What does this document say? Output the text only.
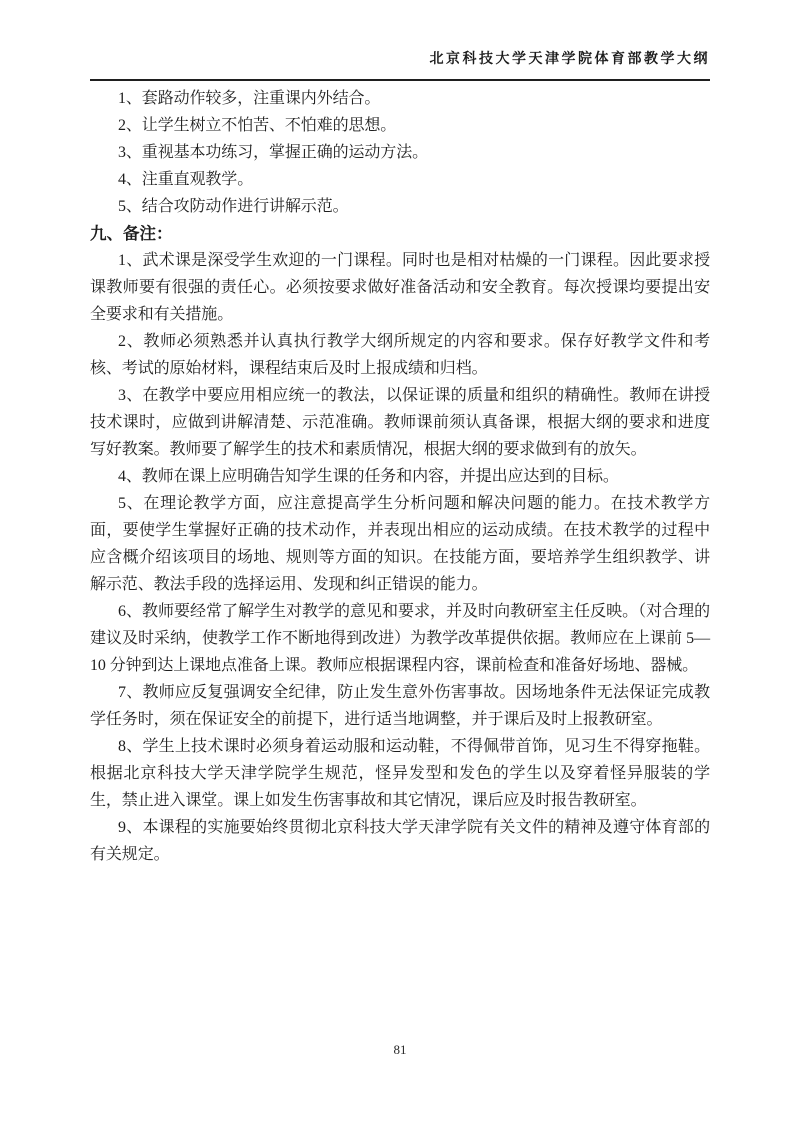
北京科技大学天津学院体育部教学大纲
1、套路动作较多，注重课内外结合。
2、让学生树立不怕苦、不怕难的思想。
3、重视基本功练习，掌握正确的运动方法。
4、注重直观教学。
5、结合攻防动作进行讲解示范。
九、备注：

1、武术课是深受学生欢迎的一门课程。同时也是相对枯燥的一门课程。因此要求授课教师要有很强的责任心。必须按要求做好准备活动和安全教育。每次授课均要提出安全要求和有关措施。

2、教师必须熟悉并认真执行教学大纲所规定的内容和要求。保存好教学文件和考核、考试的原始材料，课程结束后及时上报成绩和归档。

3、在教学中要应用相应统一的教法，以保证课的质量和组织的精确性。教师在讲授技术课时，应做到讲解清楚、示范准确。教师课前须认真备课，根据大纲的要求和进度写好教案。教师要了解学生的技术和素质情况，根据大纲的要求做到有的放矢。

4、教师在课上应明确告知学生课的任务和内容，并提出应达到的目标。

5、在理论教学方面，应注意提高学生分析问题和解决问题的能力。在技术教学方面，要使学生掌握好正确的技术动作，并表现出相应的运动成绩。在技术教学的过程中应含概介绍该项目的场地、规则等方面的知识。在技能方面，要培养学生组织教学、讲解示范、教法手段的选择运用、发现和纠正错误的能力。

6、教师要经常了解学生对教学的意见和要求，并及时向教研室主任反映。（对合理的建议及时采纳，使教学工作不断地得到改进）为教学改革提供依据。教师应在上课前 5—10 分钟到达上课地点准备上课。教师应根据课程内容，课前检查和准备好场地、器械。

7、教师应反复强调安全纪律，防止发生意外伤害事故。因场地条件无法保证完成教学任务时，须在保证安全的前提下，进行适当地调整，并于课后及时上报教研室。

8、学生上技术课时必须身着运动服和运动鞋，不得佩带首饰，见习生不得穿拖鞋。根据北京科技大学天津学院学生规范，怪异发型和发色的学生以及穿着怪异服装的学生，禁止进入课堂。课上如发生伤害事故和其它情况，课后应及时报告教研室。

9、本课程的实施要始终贯彻北京科技大学天津学院有关文件的精神及遵守体育部的有关规定。

81
